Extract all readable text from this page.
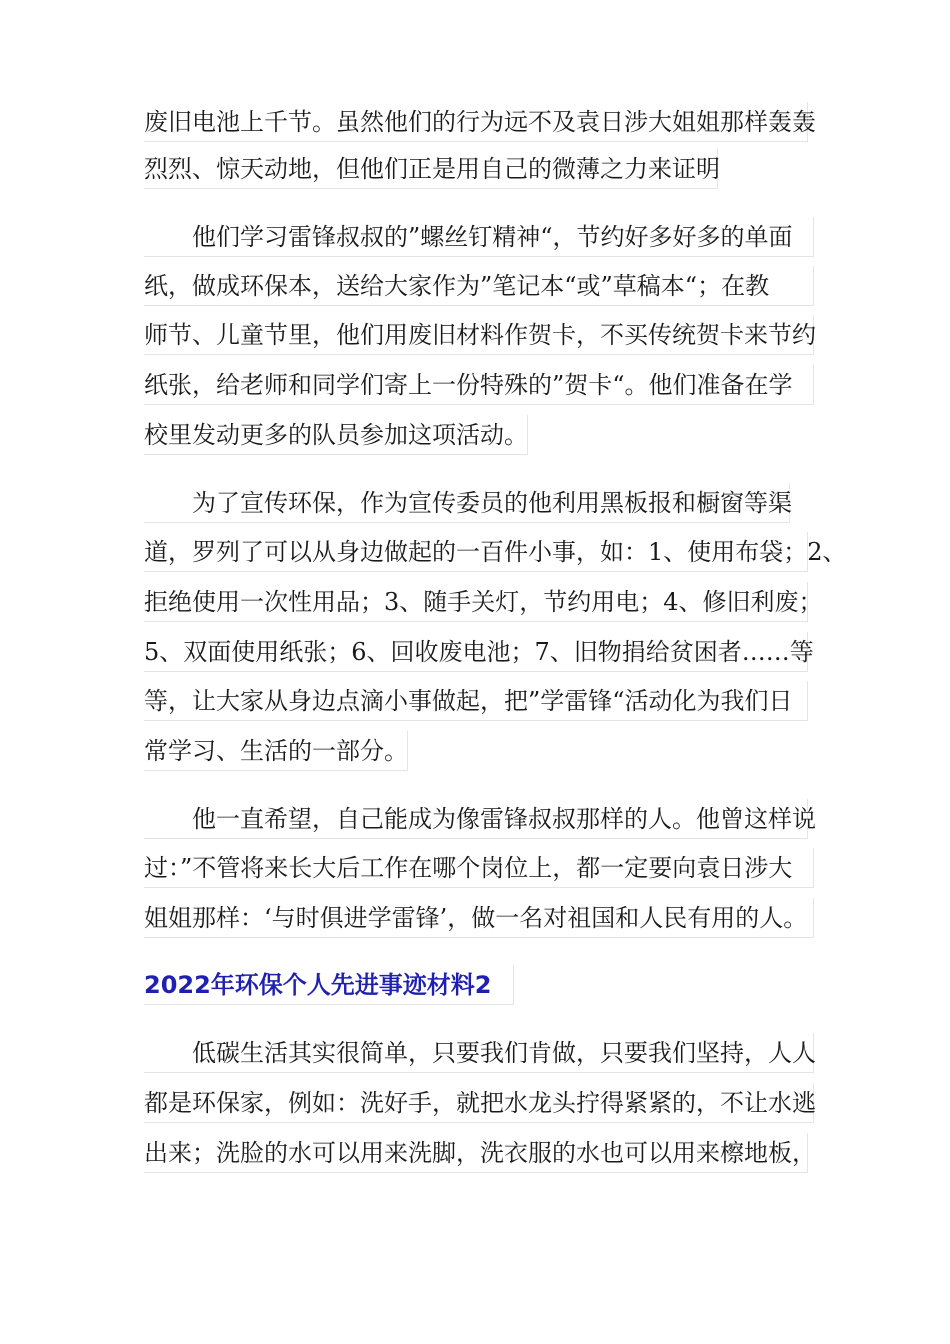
废旧电池上千节。虽然他们的行为远不及袁日涉大姐姐那样轰轰
烈烈、惊天动地，但他们正是用自己的微薄之力来证明
他们学习雷锋叔叔的”螺丝钉精神“，节约好多好多的单面
纸，做成环保本，送给大家作为”笔记本“或”草稿本“；在教
师节、儿童节里，他们用废旧材料作贺卡，不买传统贺卡来节约
纸张，给老师和同学们寄上一份特殊的”贺卡“。他们准备在学
校里发动更多的队员参加这项活动。
为了宣传环保，作为宣传委员的他利用黑板报和橱窗等渠
道，罗列了可以从身边做起的一百件小事，如：1、使用布袋；2、
拒绝使用一次性用品；3、随手关灯，节约用电；4、修旧利废；
5、双面使用纸张；6、回收废电池；7、旧物捐给贫困者……等
等，让大家从身边点滴小事做起，把”学雷锋“活动化为我们日
常学习、生活的一部分。
他一直希望，自己能成为像雷锋叔叔那样的人。他曾这样说
过：”不管将来长大后工作在哪个岗位上，都一定要向袁日涉大
姐姐那样：‘与时俱进学雷锋’，做一名对祖国和人民有用的人。
2022年环保个人先进事迹材料2
低碳生活其实很简单，只要我们肯做，只要我们坚持，人人
都是环保家，例如：洗好手，就把水龙头拧得紧紧的，不让水逃
出来；洗脸的水可以用来洗脚，洗衣服的水也可以用来檫地板，
